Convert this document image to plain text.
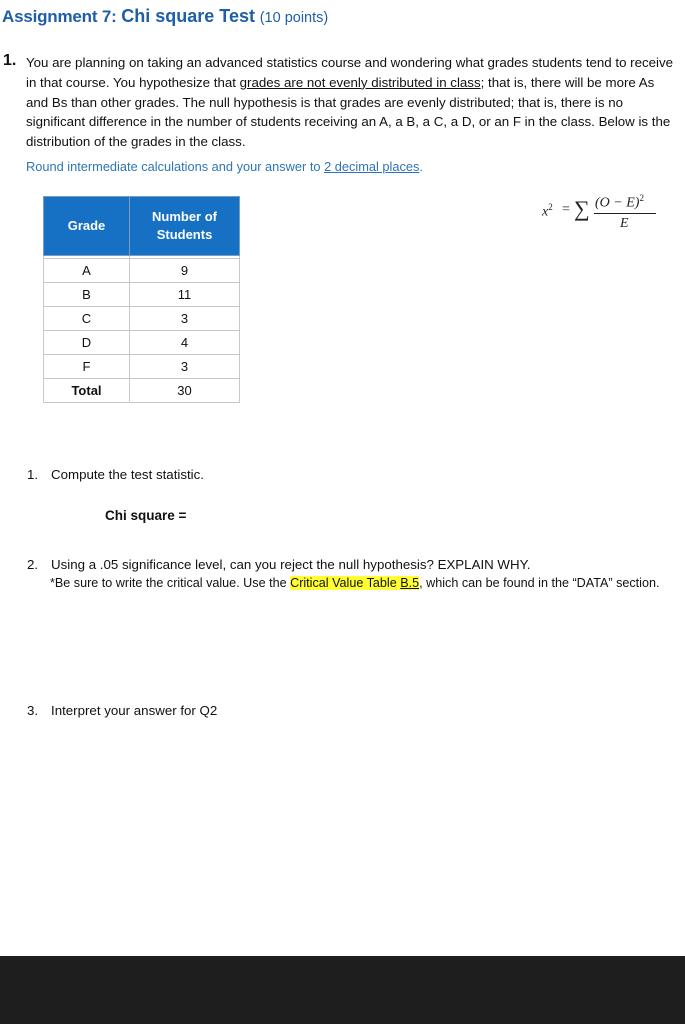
Assignment 7: Chi square Test (10 points)
1. You are planning on taking an advanced statistics course and wondering what grades students tend to receive in that course. You hypothesize that grades are not evenly distributed in class; that is, there will be more As and Bs than other grades. The null hypothesis is that grades are evenly distributed; that is, there is no significant difference in the number of students receiving an A, a B, a C, a D, or an F in the class. Below is the distribution of the grades in the class.
Round intermediate calculations and your answer to 2 decimal places.
$x^2$ = ∑ $(O - E)^2$
E
Grade	Number of
Students

A	9
B	11
C	3
D	4
F	3
Total	30
1. Compute the test statistic.
Chi square =
2. Using a .05 significance level, can you reject the null hypothesis? EXPLAIN WHY.
*Be sure to write the critical value. Use the Critical Value Table B.5, which can be found in the “DATA” section.
3. Interpret your answer for Q2
